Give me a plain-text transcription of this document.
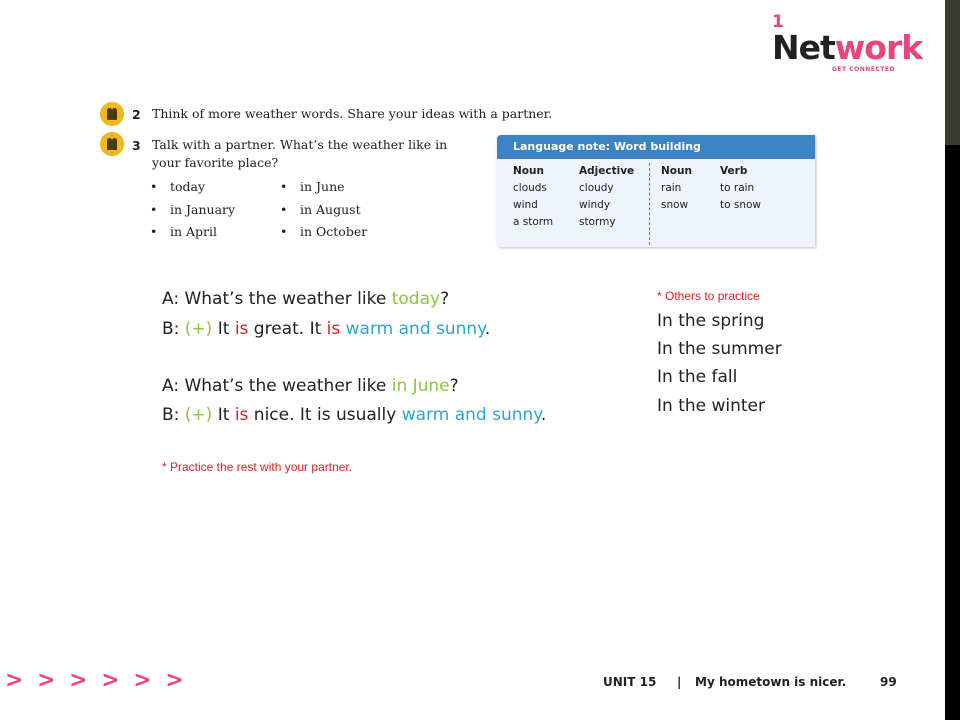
1
Network
GET CONNECTED
2 Think of more weather words. Share your ideas with a partner.
3 Talk with a partner. What’s the weather like in
your favorite place?
• today
• in January
• in April
• in June
• in August
• in October
Language note: Word building
Noun
clouds
wind
a storm
Adjective
cloudy
windy
stormy
Noun
rain
snow
Verb
to rain
to snow
A: What’s the weather like today?
B: (+) It is great. It is warm and sunny.
A: What’s the weather like in June?
B: (+) It is nice. It is usually warm and sunny.
* Practice the rest with your partner.
* Others to practice
In the spring
In the summer
In the fall
In the winter
> > > > > >	UNIT 15 | My hometown is nicer.	99
